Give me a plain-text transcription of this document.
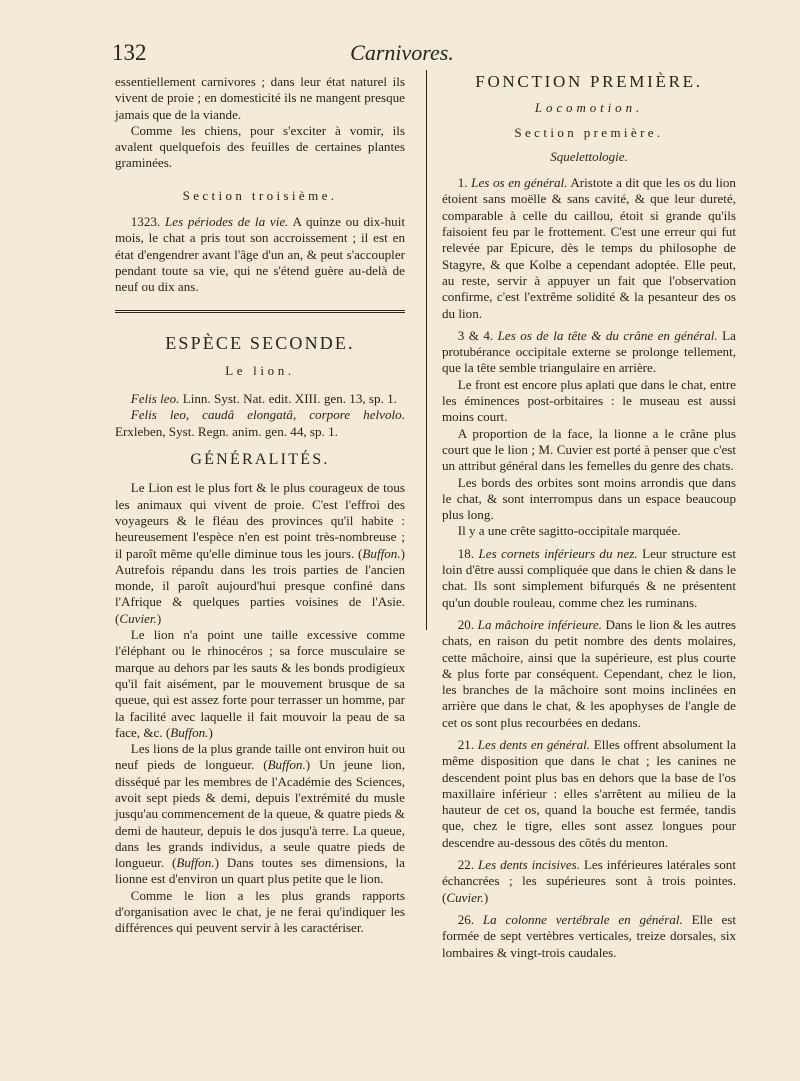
132	Carnivores.

essentiellement carnivores ; dans leur état naturel ils vivent de proie ; en domesticité ils ne mangent presque jamais que de la viande.

Comme les chiens, pour s'exciter à vomir, ils avalent quelquefois des feuilles de certaines plantes graminées.

Section troisième.

1323. Les périodes de la vie. A quinze ou dix-huit mois, le chat a pris tout son accroissement ; il est en état d'engendrer avant l'âge d'un an, & peut s'accoupler pendant toute sa vie, qui ne s'étend guère au-delà de neuf ou dix ans.

ESPÈCE SECONDE.
Le lion.

Felis leo. Linn. Syst. Nat. edit. XIII. gen. 13, sp. 1.

Felis leo, caudâ elongatâ, corpore helvolo. Erxleben, Syst. Regn. anim. gen. 44, sp. 1.

GÉNÉRALITÉS.

Le Lion est le plus fort & le plus courageux de tous les animaux qui vivent de proie. C'est l'effroi des voyageurs & le fléau des provinces qu'il habite : heureusement l'espèce n'en est point très-nombreuse ; il paroît même qu'elle diminue tous les jours. (Buffon.) Autrefois répandu dans les trois parties de l'ancien monde, il paroît aujourd'hui presque confiné dans l'Afrique & quelques parties voisines de l'Asie. (Cuvier.)

Le lion n'a point une taille excessive comme l'éléphant ou le rhinocéros ; sa force musculaire se marque au dehors par les sauts & les bonds prodigieux qu'il fait aisément, par le mouvement brusque de sa queue, qui est assez forte pour terrasser un homme, par la facilité avec laquelle il fait mouvoir la peau de sa face, &c. (Buffon.)

Les lions de la plus grande taille ont environ huit ou neuf pieds de longueur. (Buffon.) Un jeune lion, disséqué par les membres de l'Académie des Sciences, avoit sept pieds & demi, depuis l'extrémité du musle jusqu'au commencement de la queue, & quatre pieds & demi de hauteur, depuis le dos jusqu'à terre. La queue, dans les grands individus, a seule quatre pieds de longueur. (Buffon.) Dans toutes ses dimensions, la lionne est d'environ un quart plus petite que le lion.

Comme le lion a les plus grands rapports d'organisation avec le chat, je ne ferai qu'indiquer les différences qui peuvent servir à les caractériser.

FONCTION PREMIÈRE.
Locomotion.
Section première.
Squelettologie.

1. Les os en général. Aristote a dit que les os du lion étoient sans moëlle & sans cavité, & que leur dureté, comparable à celle du caillou, étoit si grande qu'ils faisoient feu par le frottement. C'est une erreur qui fut relevée par Epicure, dès le temps du philosophe de Stagyre, & que Kolbe a cependant adoptée. Elle peut, au reste, servir à appuyer un fait que l'observation confirme, c'est l'extrême solidité & la pesanteur des os du lion.

3 & 4. Les os de la tête & du crâne en général. La protubérance occipitale externe se prolonge tellement, que la tête semble triangulaire en arrière.

Le front est encore plus aplati que dans le chat, entre les éminences post-orbitaires : le museau est aussi moins court.

A proportion de la face, la lionne a le crâne plus court que le lion ; M. Cuvier est porté à penser que c'est un attribut général dans les femelles du genre des chats.

Les bords des orbites sont moins arrondis que dans le chat, & sont interrompus dans un espace beaucoup plus long.

Il y a une crête sagitto-occipitale marquée.

18. Les cornets inférieurs du nez. Leur structure est loin d'être aussi compliquée que dans le chien & dans le chat. Ils sont simplement bifurqués & ne présentent qu'un double rouleau, comme chez les ruminans.

20. La mâchoire inférieure. Dans le lion & les autres chats, en raison du petit nombre des dents molaires, cette mâchoire, ainsi que la supérieure, est plus courte & plus forte par conséquent. Cependant, chez le lion, les branches de la mâchoire sont moins inclinées en arrière que dans le chat, & les apophyses de l'angle de cet os sont plus recourbées en dedans.

21. Les dents en général. Elles offrent absolument la même disposition que dans le chat ; les canines ne descendent point plus bas en dehors que la base de l'os maxillaire inférieur : elles s'arrêtent au milieu de la hauteur de cet os, quand la bouche est fermée, tandis que, chez le tigre, elles sont assez longues pour descendre au-dessous des côtés du menton.

22. Les dents incisives. Les inférieures latérales sont échancrées ; les supérieures sont à trois pointes. (Cuvier.)

26. La colonne vertébrale en général. Elle est formée de sept vertèbres verticales, treize dorsales, six lombaires & vingt-trois caudales.
